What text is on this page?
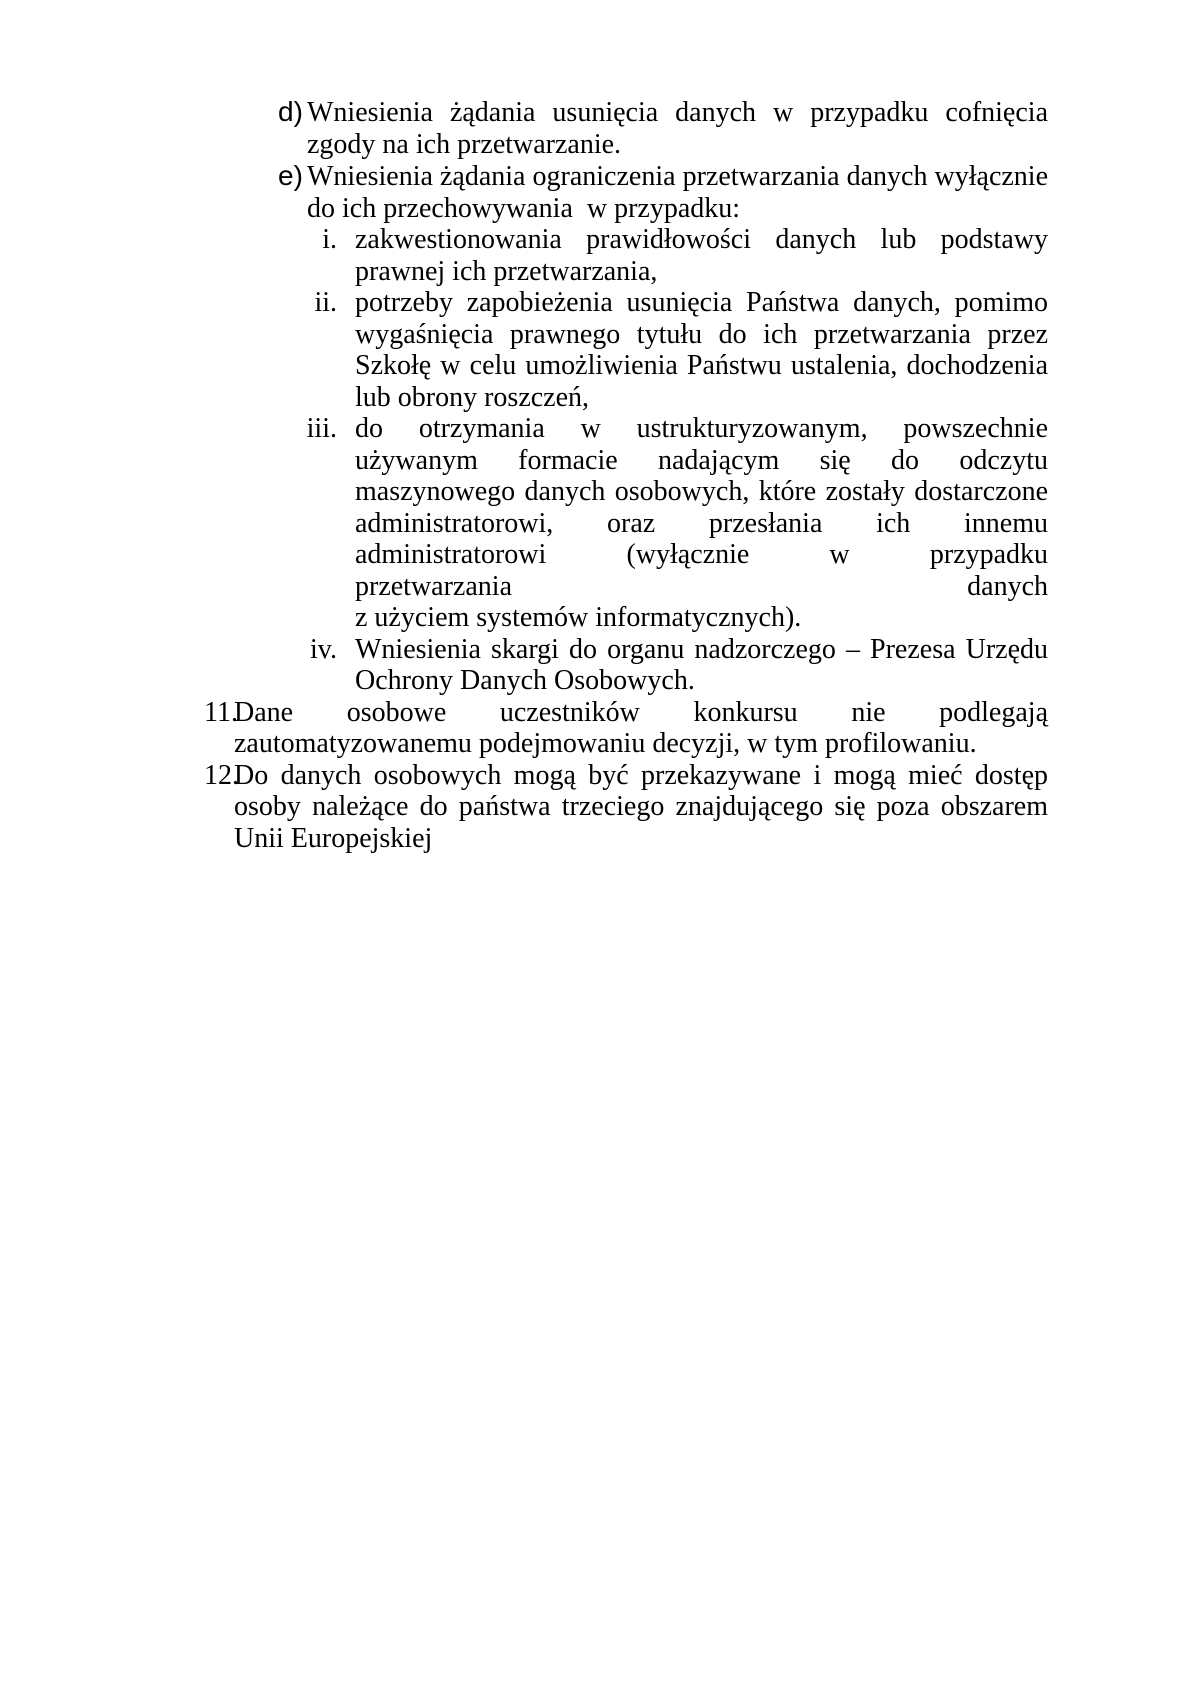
d) Wniesienia żądania usunięcia danych w przypadku cofnięcia zgody na ich przetwarzanie.
e) Wniesienia żądania ograniczenia przetwarzania danych wyłącznie do ich przechowywania  w przypadku:
i. zakwestionowania prawidłowości danych lub podstawy prawnej ich przetwarzania,
ii. potrzeby zapobieżenia usunięcia Państwa danych, pomimo wygaśnięcia prawnego tytułu do ich przetwarzania przez Szkołę w celu umożliwienia Państwu ustalenia, dochodzenia lub obrony roszczeń,
iii. do otrzymania w ustrukturyzowanym, powszechnie używanym formacie nadającym się do odczytu maszynowego danych osobowych, które zostały dostarczone administratorowi, oraz przesłania ich innemu administratorowi (wyłącznie w przypadku
przetwarzania	danych
z użyciem systemów informatycznych).
iv. Wniesienia skargi do organu nadzorczego – Prezesa Urzędu Ochrony Danych Osobowych.
11.
Dane osobowe uczestników konkursu nie podlegają zautomatyzowanemu podejmowaniu decyzji, w tym profilowaniu.
12.
Do danych osobowych mogą być przekazywane i mogą mieć dostęp osoby należące do państwa trzeciego znajdującego się poza obszarem Unii Europejskiej
